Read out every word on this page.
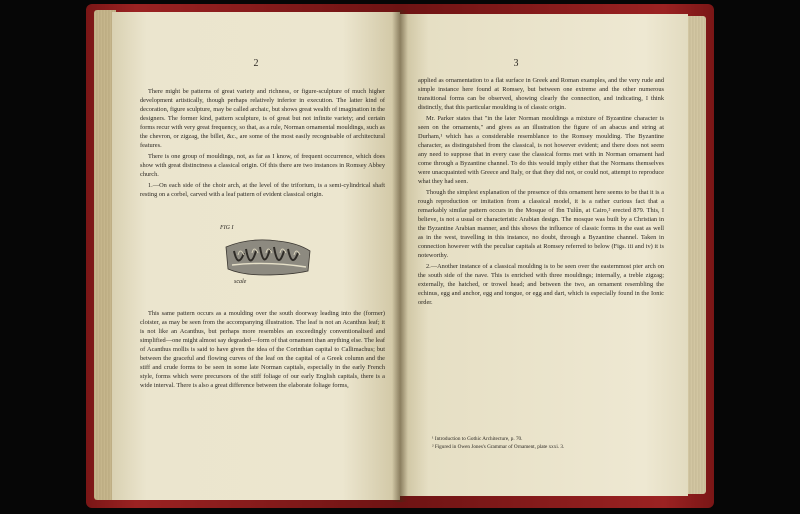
2

There might be patterns of great variety and richness, or figure-sculpture of much higher development artistically, though perhaps relatively inferior in execution. The latter kind of decoration, figure sculpture, may be called archaic, but shows great wealth of imagination in the designers. The former kind, pattern sculpture, is of great but not infinite variety; and certain forms recur with very great frequency, so that, as a rule, Norman ornamental mouldings, such as the chevron, or zigzag, the billet, &c., are some of the most easily recognisable of architectural features.

There is one group of mouldings, not, as far as I know, of frequent occurrence, which does show with great distinctness a classical origin. Of this there are two instances in Romsey Abbey church.

1.—On each side of the choir arch, at the level of the triforium, is a semi-cylindrical shaft resting on a corbel, carved with a leaf pattern of evident classical origin.

FIG I
scale

This same pattern occurs as a moulding over the south doorway leading into the (former) cloister, as may be seen from the accompanying illustration. The leaf is not an Acanthus leaf; it is not like an Acanthus, but perhaps more resembles an exceedingly conventionalised and simplified—one might almost say degraded—form of that ornament than anything else. The leaf of Acanthus mollis is said to have given the idea of the Corinthian capital to Callimachus; but between the graceful and flowing curves of the leaf on the capital of a Greek column and the stiff and crude forms to be seen in some late Norman capitals, especially in the early French style, forms which were precursors of the stiff foliage of our early English capitals, there is a wide interval. There is also a great difference between the elaborate foliage forms,

3

applied as ornamentation to a flat surface in Greek and Roman examples, and the very rude and simple instance here found at Romsey, but between one extreme and the other numerous transitional forms can be observed, showing clearly the connection, and indicating, I think distinctly, that this particular moulding is of classic origin.

Mr. Parker states that "in the later Norman mouldings a mixture of Byzantine character is seen on the ornaments," and gives as an illustration the figure of an abacus and string at Durham,¹ which has a considerable resemblance to the Romsey moulding. The Byzantine character, as distinguished from the classical, is not however evident; and there does not seem any need to suppose that in every case the classical forms met with in Norman ornament had come through a Byzantine channel. To do this would imply either that the Normans themselves were unacquainted with Greece and Italy, or that they did not, or could not, attempt to reproduce what they had seen.

Though the simplest explanation of the presence of this ornament here seems to be that it is a rough reproduction or imitation from a classical model, it is a rather curious fact that a remarkably similar pattern occurs in the Mosque of Ibn Tulûn, at Cairo,² erected 879. This, I believe, is not a usual or characteristic Arabian design. The mosque was built by a Christian in the Byzantine Arabian manner, and this shows the influence of classic forms in the east as well as in the west, travelling in this instance, no doubt, through a Byzantine channel. Taken in connection however with the peculiar capitals at Romsey referred to below (Figs. iii and iv) it is noteworthy.

2.—Another instance of a classical moulding is to be seen over the easternmost pier arch on the south side of the nave. This is enriched with three mouldings; internally, a treble zigzag; externally, the hatched, or trowel head; and between the two, an ornament resembling the echinus, egg and anchor, egg and tongue, or egg and dart, which is especially found in the Ionic order.

¹ Introduction to Gothic Architecture, p. 70.

² Figured in Owen Jones's Grammar of Ornament, plate xxxi. 3.
